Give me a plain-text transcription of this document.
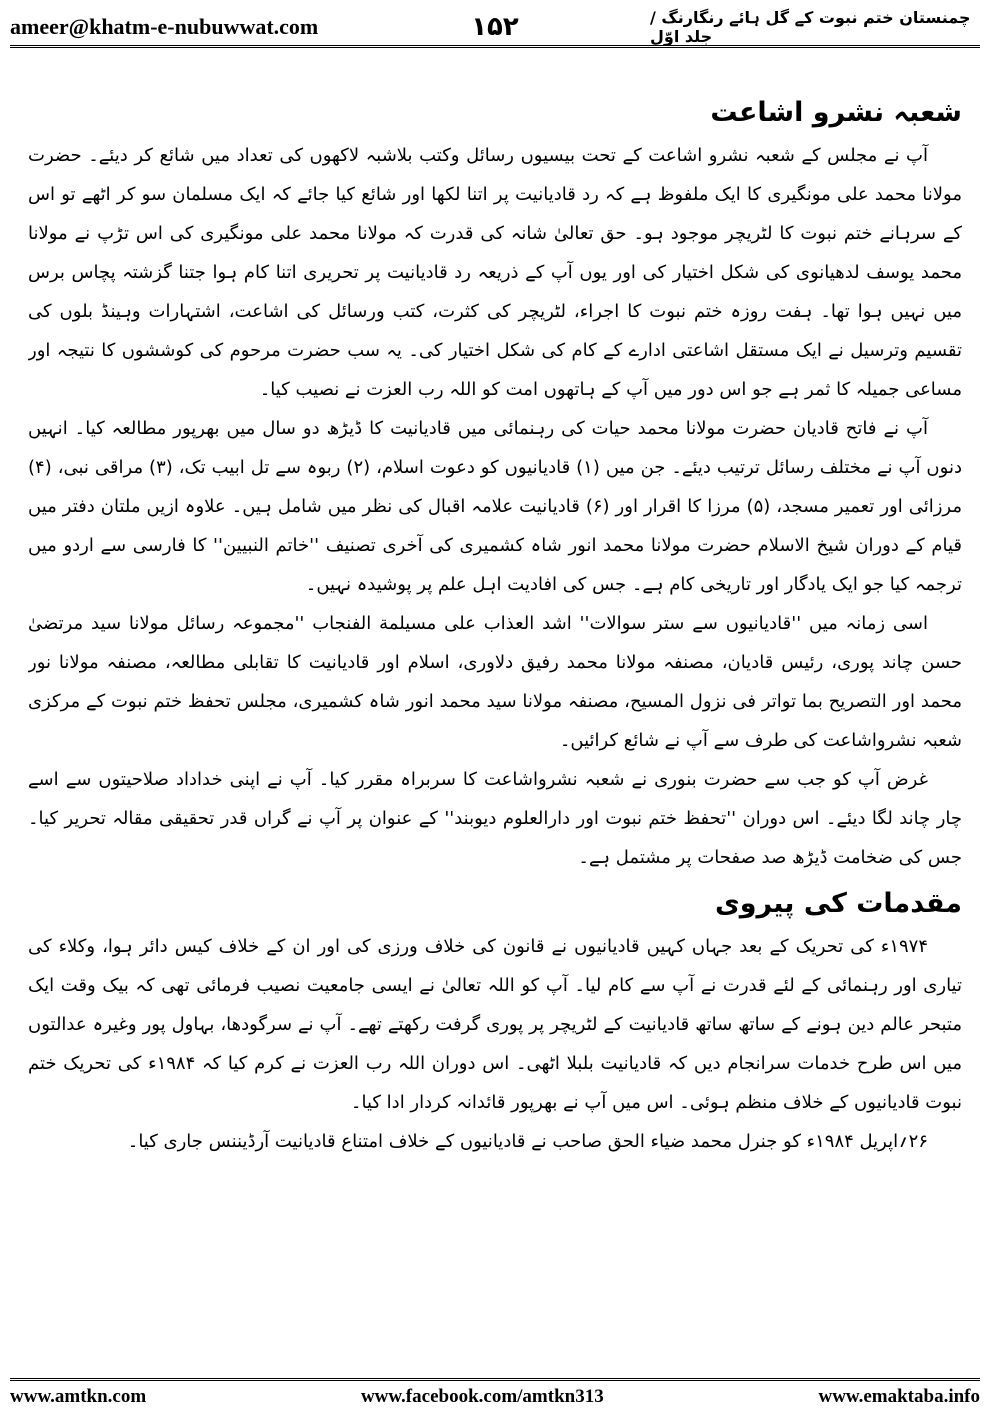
ameer@khatm-e-nubuwwat.com	۱۵۲	چمنستان ختم نبوت کے گل ہائے رنگارنگ / جلد اوّل
شعبہ نشرو اشاعت

آپ نے مجلس کے شعبہ نشرو اشاعت کے تحت بیسیوں رسائل وکتب بلاشبہ لاکھوں کی تعداد میں شائع کر دیئے۔ حضرت مولانا محمد علی مونگیری کا ایک ملفوظ ہے کہ رد قادیانیت پر اتنا لکھا اور شائع کیا جائے کہ ایک مسلمان سو کر اٹھے تو اس کے سرہانے ختم نبوت کا لٹریچر موجود ہو۔ حق تعالیٰ شانہ کی قدرت کہ مولانا محمد علی مونگیری کی اس تڑپ نے مولانا محمد یوسف لدھیانوی کی شکل اختیار کی اور یوں آپ کے ذریعہ رد قادیانیت پر تحریری اتنا کام ہوا جتنا گزشتہ پچاس برس میں نہیں ہوا تھا۔ ہفت روزہ ختم نبوت کا اجراء، لٹریچر کی کثرت، کتب ورسائل کی اشاعت، اشتہارات وہینڈ بلوں کی تقسیم وترسیل نے ایک مستقل اشاعتی ادارے کے کام کی شکل اختیار کی۔ یہ سب حضرت مرحوم کی کوششوں کا نتیجہ اور مساعی جمیلہ کا ثمر ہے جو اس دور میں آپ کے ہاتھوں امت کو اللہ رب العزت نے نصیب کیا۔

آپ نے فاتح قادیان حضرت مولانا محمد حیات کی رہنمائی میں قادیانیت کا ڈیڑھ دو سال میں بھرپور مطالعہ کیا۔ انہیں دنوں آپ نے مختلف رسائل ترتیب دیئے۔ جن میں (۱) قادیانیوں کو دعوت اسلام، (۲) ربوہ سے تل ابیب تک، (۳) مراقی نبی، (۴) مرزائی اور تعمیر مسجد، (۵) مرزا کا اقرار اور (۶) قادیانیت علامہ اقبال کی نظر میں شامل ہیں۔ علاوہ ازیں ملتان دفتر میں قیام کے دوران شیخ الاسلام حضرت مولانا محمد انور شاہ کشمیری کی آخری تصنیف ''خاتم النبیین'' کا فارسی سے اردو میں ترجمہ کیا جو ایک یادگار اور تاریخی کام ہے۔ جس کی افادیت اہل علم پر پوشیدہ نہیں۔

اسی زمانہ میں ''قادیانیوں سے ستر سوالات'' اشد العذاب علی مسیلمة الفنجاب ''مجموعہ رسائل مولانا سید مرتضیٰ حسن چاند پوری، رئیس قادیان، مصنفہ مولانا محمد رفیق دلاوری، اسلام اور قادیانیت کا تقابلی مطالعہ، مصنفہ مولانا نور محمد اور التصریح بما تواتر فی نزول المسیح، مصنفہ مولانا سید محمد انور شاہ کشمیری، مجلس تحفظ ختم نبوت کے مرکزی شعبہ نشرواشاعت کی طرف سے آپ نے شائع کرائیں۔

غرض آپ کو جب سے حضرت بنوری نے شعبہ نشرواشاعت کا سربراہ مقرر کیا۔ آپ نے اپنی خداداد صلاحیتوں سے اسے چار چاند لگا دیئے۔ اس دوران ''تحفظ ختم نبوت اور دارالعلوم دیوبند'' کے عنوان پر آپ نے گراں قدر تحقیقی مقالہ تحریر کیا۔ جس کی ضخامت ڈیڑھ صد صفحات پر مشتمل ہے۔

مقدمات کی پیروی

۱۹۷۴ء کی تحریک کے بعد جہاں کہیں قادیانیوں نے قانون کی خلاف ورزی کی اور ان کے خلاف کیس دائر ہوا، وکلاء کی تیاری اور رہنمائی کے لئے قدرت نے آپ سے کام لیا۔ آپ کو اللہ تعالیٰ نے ایسی جامعیت نصیب فرمائی تھی کہ بیک وقت ایک متبحر عالم دین ہونے کے ساتھ ساتھ قادیانیت کے لٹریچر پر پوری گرفت رکھتے تھے۔ آپ نے سرگودھا، بہاول پور وغیرہ عدالتوں میں اس طرح خدمات سرانجام دیں کہ قادیانیت بلبلا اٹھی۔ اس دوران اللہ رب العزت نے کرم کیا کہ ۱۹۸۴ء کی تحریک ختم نبوت قادیانیوں کے خلاف منظم ہوئی۔ اس میں آپ نے بھرپور قائدانہ کردار ادا کیا۔

۲۶؍اپریل ۱۹۸۴ء کو جنرل محمد ضیاء الحق صاحب نے قادیانیوں کے خلاف امتناع قادیانیت آرڈیننس جاری کیا۔

www.amtkn.com	www.facebook.com/amtkn313	www.emaktaba.info
